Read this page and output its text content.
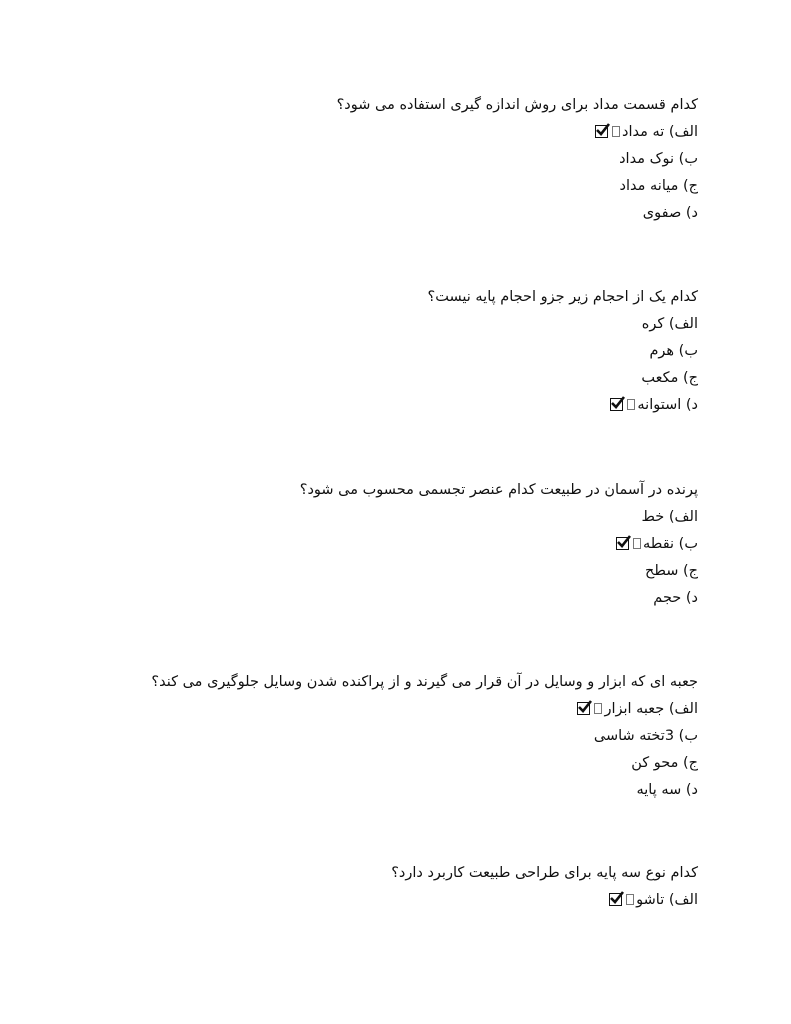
کدام قسمت مداد برای روش اندازه گیری استفاده می شود؟
الف) ته مداد
ب) نوک مداد
ج) میانه مداد
د) صفوی
کدام یک از احجام زیر جزو احجام پایه نیست؟
الف) کره
ب) هرم
ج) مکعب
د) استوانه
پرنده در آسمان در طبیعت کدام عنصر تجسمی محسوب می شود؟
الف) خط
ب) نقطه
ج) سطح
د) حجم
جعبه ای که ابزار و وسایل در آن قرار می گیرند و از پراکنده شدن وسایل جلوگیری می کند؟
الف) جعبه ابزار
ب) 3تخته شاسی
ج) محو کن
د) سه پایه
کدام نوع سه پایه برای طراحی طبیعت کاربرد دارد؟
الف) تاشو
